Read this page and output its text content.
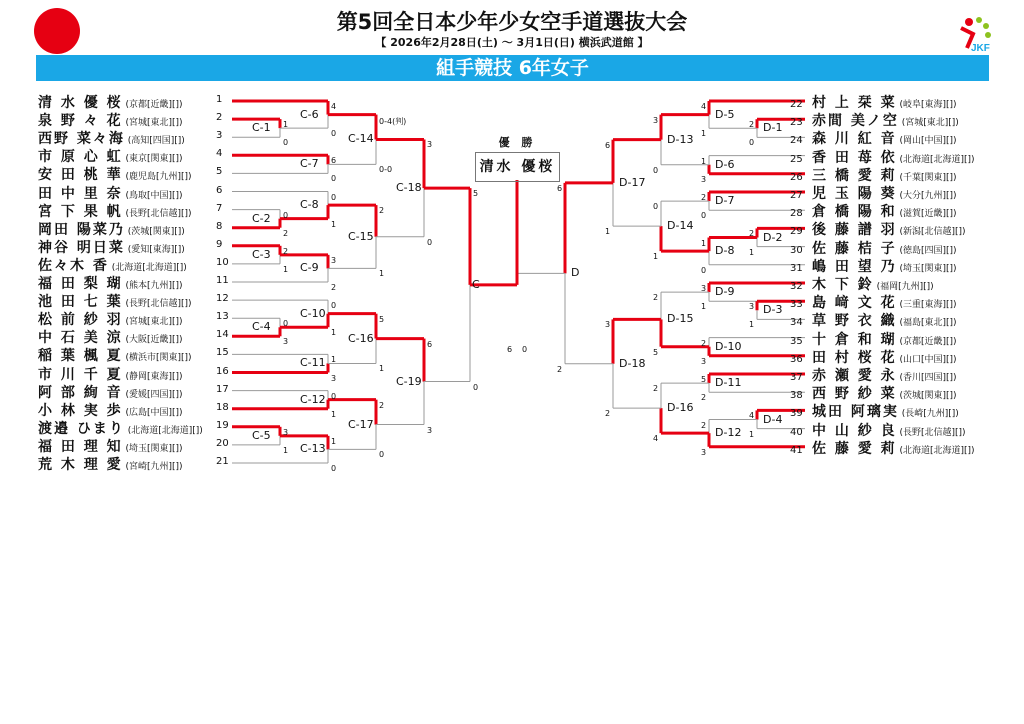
JKF
第5回全日本少年少女空手道選抜大会
【 2026年2月28日(土) ～ 3月1日(日) 横浜武道館 】
組手競技 6年女子
清 水 優 桜 (京都[近畿][])	1
泉 野 々 花 (宮城[東北][])	2
西野 菜々海 (高知[四国][])	3
市 原 心 虹 (東京[関東][])	4
安 田 桃 華 (鹿児島[九州][]) 5
田 中 里 奈 (鳥取[中国][])	6
宮 下 果 帆 (長野[北信越][]) 7
岡田 陽菜乃 (茨城[関東][])	8
神谷 明日菜 (愛知[東海][])	9
佐々木 香 (北海道[北海道][])	10
福 田 梨 瑚 (熊本[九州][])	11
池 田 七 葉 (長野[北信越][]) 12
松 前 紗 羽 (宮城[東北][])	13
中 石 美 涼 (大阪[近畿][])	14
稲 葉 楓 夏 (横浜市[関東][]) 15
市 川 千 夏 (静岡[東海][])	16
阿 部 絢 音 (愛媛[四国][])	17
小 林 実 歩 (広島[中国][])	18
渡邉 ひまり (北海道[北海道][]) 19
福 田 理 知 (埼玉[関東][])	20
荒 木 理 愛 (宮崎[九州][])	21
22 村 上 栞 菜 (岐阜[東海][])
23 赤間 美ノ空 (宮城[東北][])
24 森 川 紅 音 (岡山[中国][])
25 香 田 苺 依 (北海道[北海道][])
26 三 橋 愛 莉 (千葉[関東][])
27 児 玉 陽 葵 (大分[九州][])
28 倉 橋 陽 和 (滋賀[近畿][])
29 後 藤 譜 羽 (新潟[北信越][])
30 佐 藤 桔 子 (徳島[四国][])
31 嶋 田 望 乃 (埼玉[関東][])
32 木 下 鈴 (福岡[九州][])
33 島 﨑 文 花 (三重[東海][])
34 草 野 衣 織 (福島[東北][])
35 十 倉 和 瑚 (京都[近畿][])
36 田 村 桜 花 (山口[中国][])
37 赤 瀬 愛 永 (香川[四国][])
38 西 野 紗 菜 (茨城[関東][])
39 城田 阿璃実 (長崎[九州][])
40 中 山 紗 良 (長野[北信越][])
41 佐 藤 愛 莉 (北海道[北海道][])
C-1 1
0
C-6
4
0
C-7 6
0
C-14
0-4(判)
0-0
C-2 0
2
C-8
0
1
C-3 2
1 C-9
3
2
C-15
2
1
C-18
3
0
C-4 0
3
C-10
0
1
C-11 1
3
C-16
5
1
C-12 0
1
C-5 3
1 C-13
1
0
C-17
2
0
C-19
6
3
C
5
0
D-1
2
0
D-5
4
1
D-6
1
3
D-13
3
0
D-7
2
0
D-2
2
1
D-8
1
0
D-14
0
1
D-17
6
1
D-9
3
1	D-3
3
1
D-10
2
3
D-15
2
5
D-11
5
2
D-4
4
1
D-12
2
3
D-16
2
4
D-18
3
2
D
6
2
6 0
優 勝
清水 優桜
